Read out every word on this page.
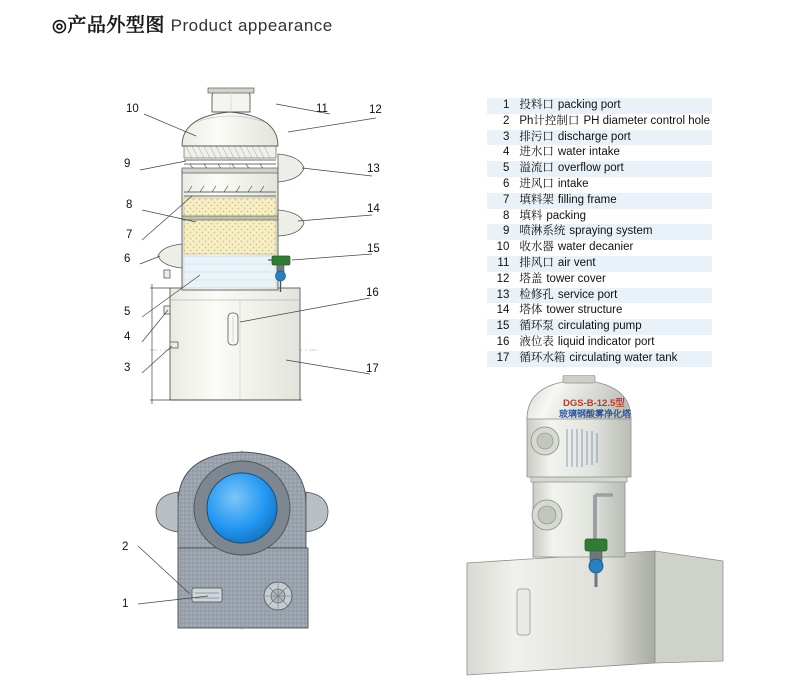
◎产品外型图 Product appearance
10	11	12
9	13
8	14
7
15
6
5
16
4
3	17
2
1
1	投料口 packing port
2	Ph计控制口 PH diameter control hole
3	排污口 discharge port
4	进水口 water intake
5	溢流口 overflow port
6	进风口 intake
7	填料架 filling frame
8	填料 packing
9	喷淋系统 spraying system
10	收水器 water decanier
11	排风口 air vent
12	塔盖 tower cover
13	检修孔 service port
14	塔体 tower structure
15	循环泵 circulating pump
16	液位表 liquid indicator port
17	循环水箱 circulating water tank
DGS-B-12.5型
玻璃钢酸雾净化塔
